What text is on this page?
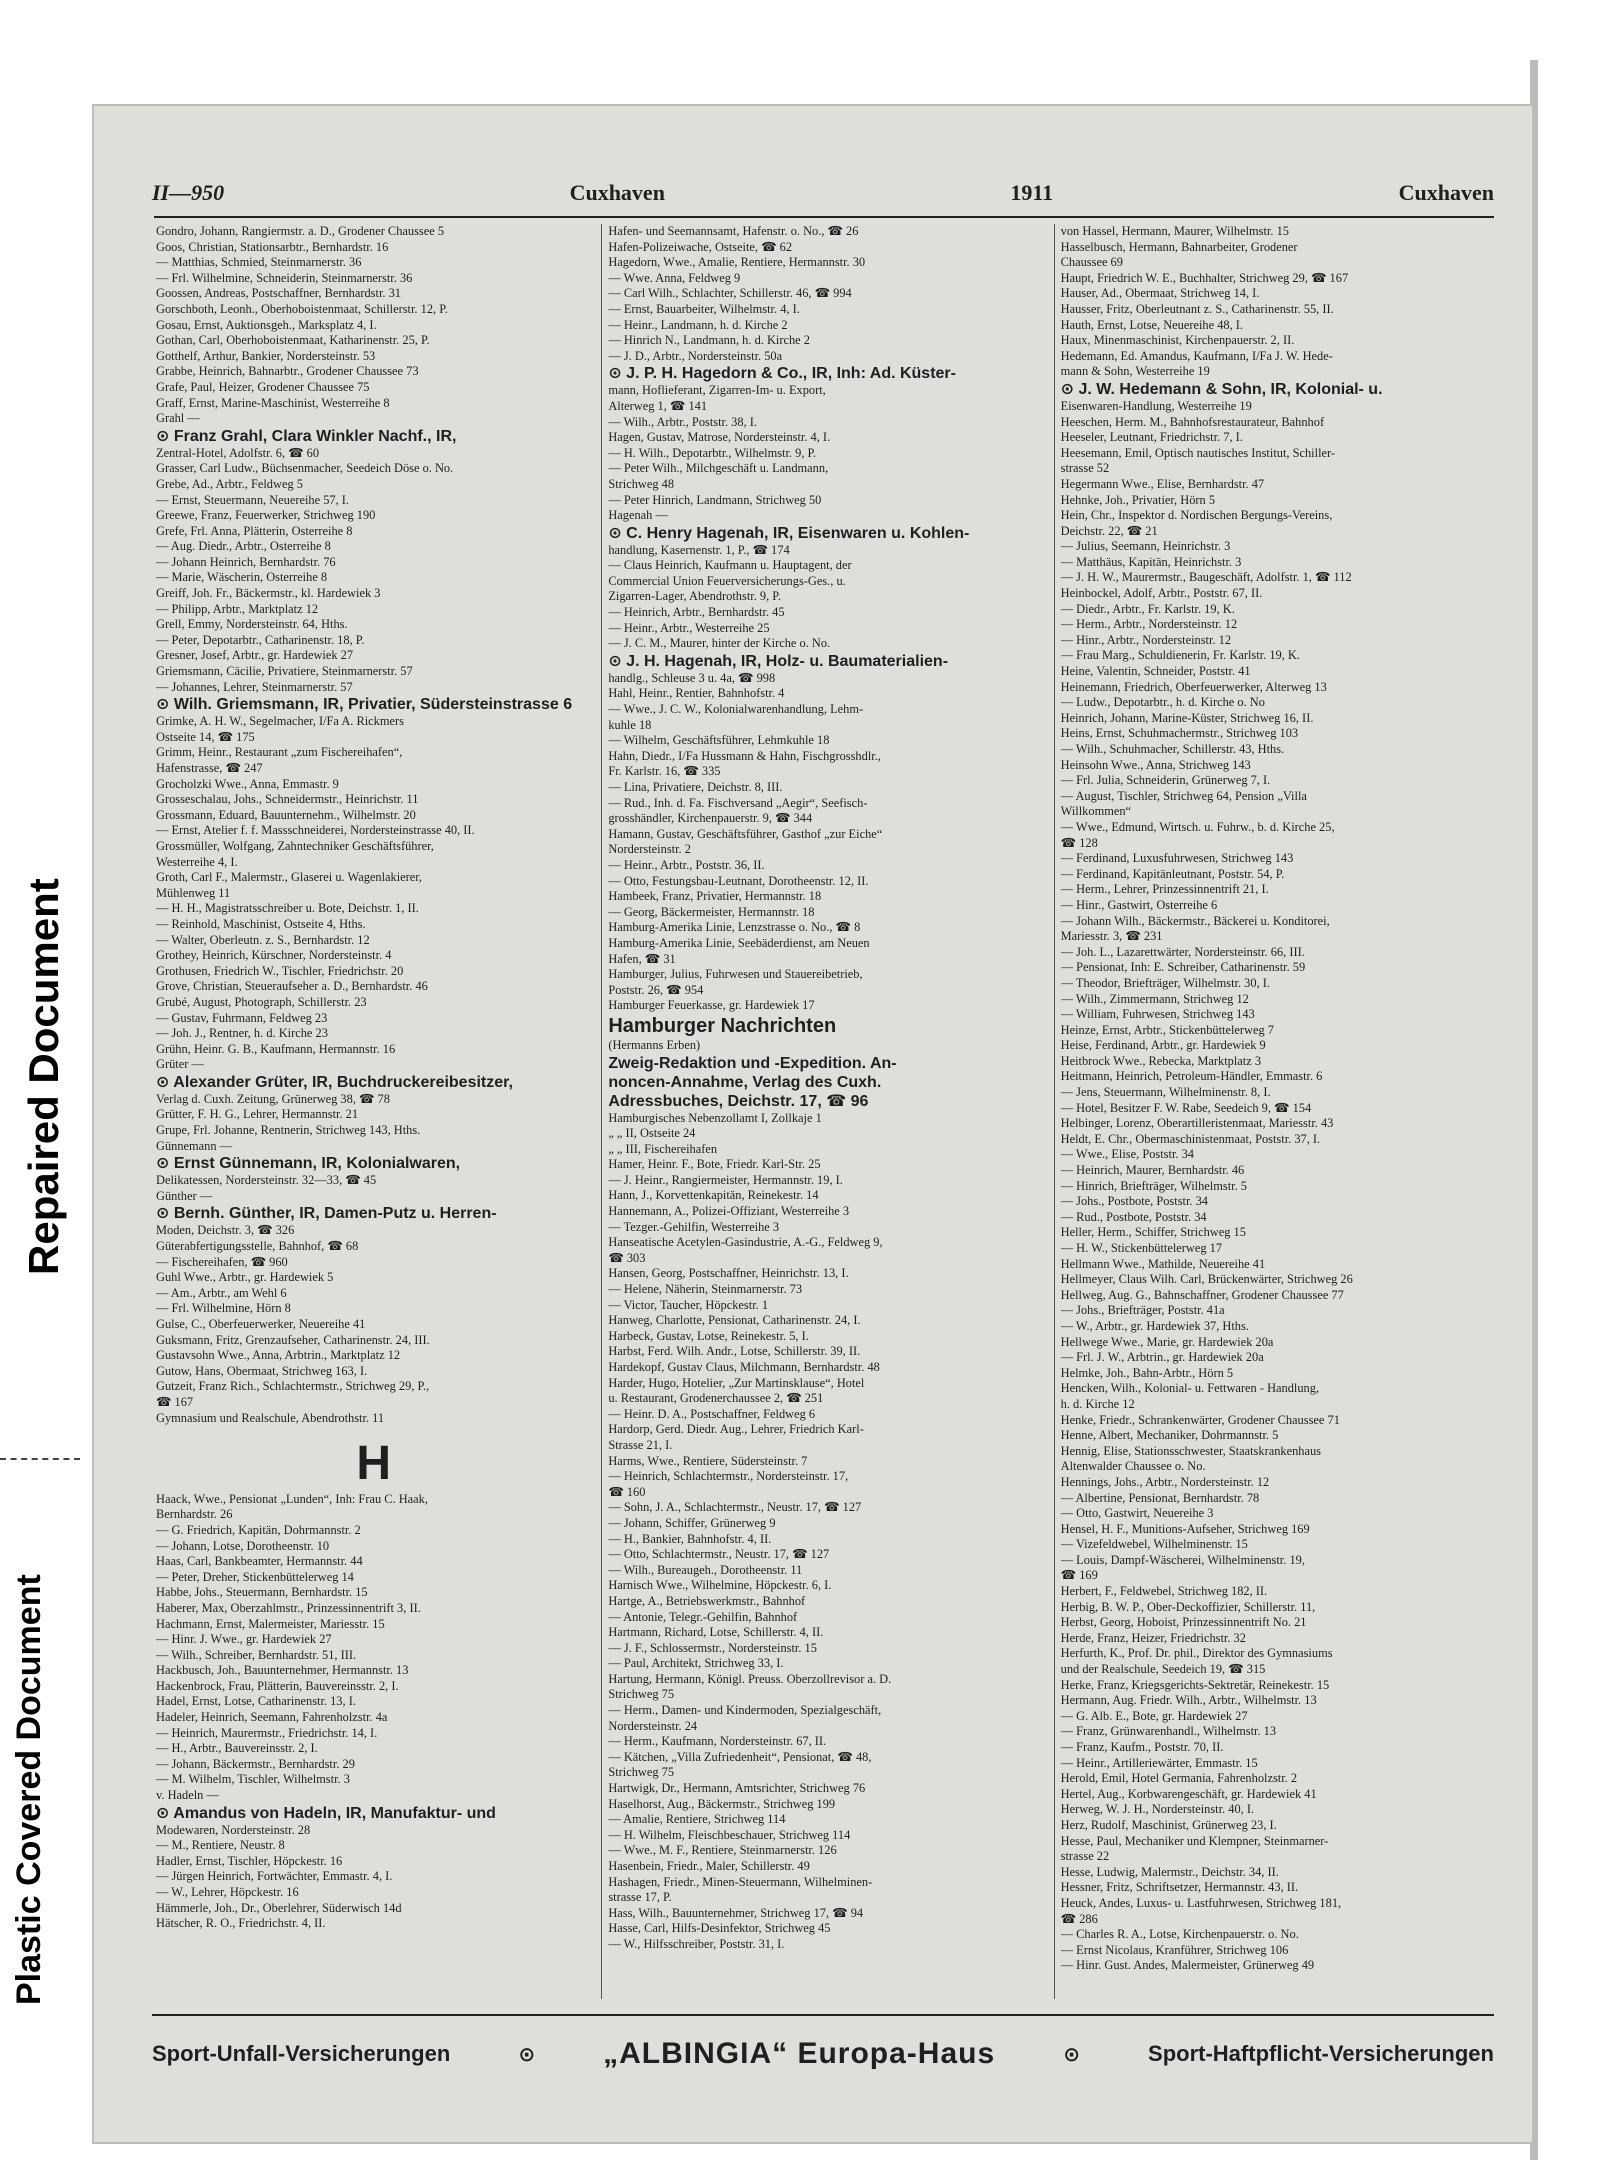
Plastic Covered Document
Repaired Document
II—950	Cuxhaven	1911	Cuxhaven
Gondro, Johann, Rangiermstr. a. D., Grodener Chaussee 5
Goos, Christian, Stationsarbtr., Bernhardstr. 16
— Matthias, Schmied, Steinmarnerstr. 36
— Frl. Wilhelmine, Schneiderin, Steinmarnerstr. 36
Goossen, Andreas, Postschaffner, Bernhardstr. 31
Gorschboth, Leonh., Oberhoboistenmaat, Schillerstr. 12, P.
Gosau, Ernst, Auktionsgeh., Marksplatz 4, I.
Gothan, Carl, Oberhoboistenmaat, Katharinenstr. 25, P.
Gotthelf, Arthur, Bankier, Nordersteinstr. 53
Grabbe, Heinrich, Bahnarbtr., Grodener Chaussee 73
Grafe, Paul, Heizer, Grodener Chaussee 75
Graff, Ernst, Marine-Maschinist, Westerreihe 8
Grahl —
⊙ Franz Grahl, Clara Winkler Nachf., IR,
Zentral-Hotel, Adolfstr. 6, ☎ 60
Grasser, Carl Ludw., Büchsenmacher, Seedeich Döse o. No.
Grebe, Ad., Arbtr., Feldweg 5
— Ernst, Steuermann, Neuereihe 57, I.
Greewe, Franz, Feuerwerker, Strichweg 190
Grefe, Frl. Anna, Plätterin, Osterreihe 8
— Aug. Diedr., Arbtr., Osterreihe 8
— Johann Heinrich, Bernhardstr. 76
— Marie, Wäscherin, Osterreihe 8
Greiff, Joh. Fr., Bäckermstr., kl. Hardewiek 3
— Philipp, Arbtr., Marktplatz 12
Grell, Emmy, Nordersteinstr. 64, Hths.
— Peter, Depotarbtr., Catharinenstr. 18, P.
Gresner, Josef, Arbtr., gr. Hardewiek 27
Griemsmann, Cäcilie, Privatiere, Steinmarnerstr. 57
— Johannes, Lehrer, Steinmarnerstr. 57
⊙ Wilh. Griemsmann, IR, Privatier, Südersteinstrasse 6
Grimke, A. H. W., Segelmacher, I/Fa A. Rickmers
Ostseite 14, ☎ 175
Grimm, Heinr., Restaurant „zum Fischereihafen“,
Hafenstrasse, ☎ 247
Grocholzki Wwe., Anna, Emmastr. 9
Grosseschalau, Johs., Schneidermstr., Heinrichstr. 11
Grossmann, Eduard, Bauunternehm., Wilhelmstr. 20
— Ernst, Atelier f. f. Massschneiderei, Nordersteinstrasse 40, II.
Grossmüller, Wolfgang, Zahntechniker Geschäftsführer,
Westerreihe 4, I.
Groth, Carl F., Malermstr., Glaserei u. Wagenlakierer,
Mühlenweg 11
— H. H., Magistratsschreiber u. Bote, Deichstr. 1, II.
— Reinhold, Maschinist, Ostseite 4, Hths.
— Walter, Oberleutn. z. S., Bernhardstr. 12
Grothey, Heinrich, Kürschner, Nordersteinstr. 4
Grothusen, Friedrich W., Tischler, Friedrichstr. 20
Grove, Christian, Steueraufseher a. D., Bernhardstr. 46
Grubé, August, Photograph, Schillerstr. 23
— Gustav, Fuhrmann, Feldweg 23
— Joh. J., Rentner, h. d. Kirche 23
Grühn, Heinr. G. B., Kaufmann, Hermannstr. 16
Grüter —
⊙ Alexander Grüter, IR, Buchdruckereibesitzer,
Verlag d. Cuxh. Zeitung, Grünerweg 38, ☎ 78
Grütter, F. H. G., Lehrer, Hermannstr. 21
Grupe, Frl. Johanne, Rentnerin, Strichweg 143, Hths.
Günnemann —
⊙ Ernst Günnemann, IR, Kolonialwaren,
Delikatessen, Nordersteinstr. 32—33, ☎ 45
Günther —
⊙ Bernh. Günther, IR, Damen-Putz u. Herren-
Moden, Deichstr. 3, ☎ 326
Güterabfertigungsstelle, Bahnhof, ☎ 68
— Fischereihafen, ☎ 960
Guhl Wwe., Arbtr., gr. Hardewiek 5
— Am., Arbtr., am Wehl 6
— Frl. Wilhelmine, Hörn 8
Gulse, C., Oberfeuerwerker, Neuereihe 41
Guksmann, Fritz, Grenzaufseher, Catharinenstr. 24, III.
Gustavsohn Wwe., Anna, Arbtrin., Marktplatz 12
Gutow, Hans, Obermaat, Strichweg 163, I.
Gutzeit, Franz Rich., Schlachtermstr., Strichweg 29, P.,
☎ 167
Gymnasium und Realschule, Abendrothstr. 11
H
Haack, Wwe., Pensionat „Lunden“, Inh: Frau C. Haak,
Bernhardstr. 26
— G. Friedrich, Kapitän, Dohrmannstr. 2
— Johann, Lotse, Dorotheenstr. 10
Haas, Carl, Bankbeamter, Hermannstr. 44
— Peter, Dreher, Stickenbüttelerweg 14
Habbe, Johs., Steuermann, Bernhardstr. 15
Haberer, Max, Oberzahlmstr., Prinzessinnentrift 3, II.
Hachmann, Ernst, Malermeister, Mariesstr. 15
— Hinr. J. Wwe., gr. Hardewiek 27
— Wilh., Schreiber, Bernhardstr. 51, III.
Hackbusch, Joh., Bauunternehmer, Hermannstr. 13
Hackenbrock, Frau, Plätterin, Bauvereinsstr. 2, I.
Hadel, Ernst, Lotse, Catharinenstr. 13, I.
Hadeler, Heinrich, Seemann, Fahrenholzstr. 4a
— Heinrich, Maurermstr., Friedrichstr. 14, I.
— H., Arbtr., Bauvereinsstr. 2, I.
— Johann, Bäckermstr., Bernhardstr. 29
— M. Wilhelm, Tischler, Wilhelmstr. 3
v. Hadeln —
⊙ Amandus von Hadeln, IR, Manufaktur- und
Modewaren, Nordersteinstr. 28
— M., Rentiere, Neustr. 8
Hadler, Ernst, Tischler, Höpckestr. 16
— Jürgen Heinrich, Fortwächter, Emmastr. 4, I.
— W., Lehrer, Höpckestr. 16
Hämmerle, Joh., Dr., Oberlehrer, Süderwisch 14d
Hätscher, R. O., Friedrichstr. 4, II.
Hafen- und Seemannsamt, Hafenstr. o. No., ☎ 26
Hafen-Polizeiwache, Ostseite, ☎ 62
Hagedorn, Wwe., Amalie, Rentiere, Hermannstr. 30
— Wwe. Anna, Feldweg 9
— Carl Wilh., Schlachter, Schillerstr. 46, ☎ 994
— Ernst, Bauarbeiter, Wilhelmstr. 4, I.
— Heinr., Landmann, h. d. Kirche 2
— Hinrich N., Landmann, h. d. Kirche 2
— J. D., Arbtr., Nordersteinstr. 50a
⊙ J. P. H. Hagedorn & Co., IR, Inh: Ad. Küster-
mann, Hoflieferant, Zigarren-Im- u. Export,
Alterweg 1, ☎ 141
— Wilh., Arbtr., Poststr. 38, I.
Hagen, Gustav, Matrose, Nordersteinstr. 4, I.
— H. Wilh., Depotarbtr., Wilhelmstr. 9, P.
— Peter Wilh., Milchgeschäft u. Landmann,
Strichweg 48
— Peter Hinrich, Landmann, Strichweg 50
Hagenah —
⊙ C. Henry Hagenah, IR, Eisenwaren u. Kohlen-
handlung, Kasernenstr. 1, P., ☎ 174
— Claus Heinrich, Kaufmann u. Hauptagent, der
Commercial Union Feuerversicherungs-Ges., u.
Zigarren-Lager, Abendrothstr. 9, P.
— Heinrich, Arbtr., Bernhardstr. 45
— Heinr., Arbtr., Westerreihe 25
— J. C. M., Maurer, hinter der Kirche o. No.
⊙ J. H. Hagenah, IR, Holz- u. Baumaterialien-
handlg., Schleuse 3 u. 4a, ☎ 998
Hahl, Heinr., Rentier, Bahnhofstr. 4
— Wwe., J. C. W., Kolonialwarenhandlung, Lehm-
kuhle 18
— Wilhelm, Geschäftsführer, Lehmkuhle 18
Hahn, Diedr., I/Fa Hussmann & Hahn, Fischgrosshdlr.,
Fr. Karlstr. 16, ☎ 335
— Lina, Privatiere, Deichstr. 8, III.
— Rud., Inh. d. Fa. Fischversand „Aegir“, Seefisch-
grosshändler, Kirchenpauerstr. 9, ☎ 344
Hamann, Gustav, Geschäftsführer, Gasthof „zur Eiche“
Nordersteinstr. 2
— Heinr., Arbtr., Poststr. 36, II.
— Otto, Festungsbau-Leutnant, Dorotheenstr. 12, II.
Hambeek, Franz, Privatier, Hermannstr. 18
— Georg, Bäckermeister, Hermannstr. 18
Hamburg-Amerika Linie, Lenzstrasse o. No., ☎ 8
Hamburg-Amerika Linie, Seebäderdienst, am Neuen
Hafen, ☎ 31
Hamburger, Julius, Fuhrwesen und Stauereibetrieb,
Poststr. 26, ☎ 954
Hamburger Feuerkasse, gr. Hardewiek 17
Hamburger Nachrichten
(Hermanns Erben)
Zweig-Redaktion und -Expedition. An-
noncen-Annahme, Verlag des Cuxh.
Adressbuches, Deichstr. 17, ☎ 96
Hamburgisches Nebenzollamt I, Zollkaje 1
„ „ II, Ostseite 24
„ „ III, Fischereihafen
Hamer, Heinr. F., Bote, Friedr. Karl-Str. 25
— J. Heinr., Rangiermeister, Hermannstr. 19, I.
Hann, J., Korvettenkapitän, Reinekestr. 14
Hannemann, A., Polizei-Offiziant, Westerreihe 3
— Tezger.-Gehilfin, Westerreihe 3
Hanseatische Acetylen-Gasindustrie, A.-G., Feldweg 9,
☎ 303
Hansen, Georg, Postschaffner, Heinrichstr. 13, I.
— Helene, Näherin, Steinmarnerstr. 73
— Victor, Taucher, Höpckestr. 1
Hanweg, Charlotte, Pensionat, Catharinenstr. 24, I.
Harbeck, Gustav, Lotse, Reinekestr. 5, I.
Harbst, Ferd. Wilh. Andr., Lotse, Schillerstr. 39, II.
Hardekopf, Gustav Claus, Milchmann, Bernhardstr. 48
Harder, Hugo, Hotelier, „Zur Martinsklause“, Hotel
u. Restaurant, Grodenerchaussee 2, ☎ 251
— Heinr. D. A., Postschaffner, Feldweg 6
Hardorp, Gerd. Diedr. Aug., Lehrer, Friedrich Karl-
Strasse 21, I.
Harms, Wwe., Rentiere, Südersteinstr. 7
— Heinrich, Schlachtermstr., Nordersteinstr. 17,
☎ 160
— Sohn, J. A., Schlachtermstr., Neustr. 17, ☎ 127
— Johann, Schiffer, Grünerweg 9
— H., Bankier, Bahnhofstr. 4, II.
— Otto, Schlachtermstr., Neustr. 17, ☎ 127
— Wilh., Bureaugeh., Dorotheenstr. 11
Harnisch Wwe., Wilhelmine, Höpckestr. 6, I.
Hartge, A., Betriebswerkmstr., Bahnhof
— Antonie, Telegr.-Gehilfin, Bahnhof
Hartmann, Richard, Lotse, Schillerstr. 4, II.
— J. F., Schlossermstr., Nordersteinstr. 15
— Paul, Architekt, Strichweg 33, I.
Hartung, Hermann, Königl. Preuss. Oberzollrevisor a. D.
Strichweg 75
— Herm., Damen- und Kindermoden, Spezialgeschäft,
Nordersteinstr. 24
— Herm., Kaufmann, Nordersteinstr. 67, II.
— Kätchen, „Villa Zufriedenheit“, Pensionat, ☎ 48,
Strichweg 75
Hartwigk, Dr., Hermann, Amtsrichter, Strichweg 76
Haselhorst, Aug., Bäckermstr., Strichweg 199
— Amalie, Rentiere, Strichweg 114
— H. Wilhelm, Fleischbeschauer, Strichweg 114
— Wwe., M. F., Rentiere, Steinmarnerstr. 126
Hasenbein, Friedr., Maler, Schillerstr. 49
Hashagen, Friedr., Minen-Steuermann, Wilhelminen-
strasse 17, P.
Hass, Wilh., Bauunternehmer, Strichweg 17, ☎ 94
Hasse, Carl, Hilfs-Desinfektor, Strichweg 45
— W., Hilfsschreiber, Poststr. 31, I.
von Hassel, Hermann, Maurer, Wilhelmstr. 15
Hasselbusch, Hermann, Bahnarbeiter, Grodener
Chaussee 69
Haupt, Friedrich W. E., Buchhalter, Strichweg 29, ☎ 167
Hauser, Ad., Obermaat, Strichweg 14, I.
Hausser, Fritz, Oberleutnant z. S., Catharinenstr. 55, II.
Hauth, Ernst, Lotse, Neuereihe 48, I.
Haux, Minenmaschinist, Kirchenpauerstr. 2, II.
Hedemann, Ed. Amandus, Kaufmann, I/Fa J. W. Hede-
mann & Sohn, Westerreihe 19
⊙ J. W. Hedemann & Sohn, IR, Kolonial- u.
Eisenwaren-Handlung, Westerreihe 19
Heeschen, Herm. M., Bahnhofsrestaurateur, Bahnhof
Heeseler, Leutnant, Friedrichstr. 7, I.
Heesemann, Emil, Optisch nautisches Institut, Schiller-
strasse 52
Hegermann Wwe., Elise, Bernhardstr. 47
Hehnke, Joh., Privatier, Hörn 5
Hein, Chr., Inspektor d. Nordischen Bergungs-Vereins,
Deichstr. 22, ☎ 21
— Julius, Seemann, Heinrichstr. 3
— Matthäus, Kapitän, Heinrichstr. 3
— J. H. W., Maurermstr., Baugeschäft, Adolfstr. 1, ☎ 112
Heinbockel, Adolf, Arbtr., Poststr. 67, II.
— Diedr., Arbtr., Fr. Karlstr. 19, K.
— Herm., Arbtr., Nordersteinstr. 12
— Hinr., Arbtr., Nordersteinstr. 12
— Frau Marg., Schuldienerin, Fr. Karlstr. 19, K.
Heine, Valentin, Schneider, Poststr. 41
Heinemann, Friedrich, Oberfeuerwerker, Alterweg 13
— Ludw., Depotarbtr., h. d. Kirche o. No
Heinrich, Johann, Marine-Küster, Strichweg 16, II.
Heins, Ernst, Schuhmachermstr., Strichweg 103
— Wilh., Schuhmacher, Schillerstr. 43, Hths.
Heinsohn Wwe., Anna, Strichweg 143
— Frl. Julia, Schneiderin, Grünerweg 7, I.
— August, Tischler, Strichweg 64, Pension „Villa
Willkommen“
— Wwe., Edmund, Wirtsch. u. Fuhrw., b. d. Kirche 25,
☎ 128
— Ferdinand, Luxusfuhrwesen, Strichweg 143
— Ferdinand, Kapitänleutnant, Poststr. 54, P.
— Herm., Lehrer, Prinzessinnentrift 21, I.
— Hinr., Gastwirt, Osterreihe 6
— Johann Wilh., Bäckermstr., Bäckerei u. Konditorei,
Mariesstr. 3, ☎ 231
— Joh. L., Lazarettwärter, Nordersteinstr. 66, III.
— Pensionat, Inh: E. Schreiber, Catharinenstr. 59
— Theodor, Briefträger, Wilhelmstr. 30, I.
— Wilh., Zimmermann, Strichweg 12
— William, Fuhrwesen, Strichweg 143
Heinze, Ernst, Arbtr., Stickenbüttelerweg 7
Heise, Ferdinand, Arbtr., gr. Hardewiek 9
Heitbrock Wwe., Rebecka, Marktplatz 3
Heitmann, Heinrich, Petroleum-Händler, Emmastr. 6
— Jens, Steuermann, Wilhelminenstr. 8, I.
— Hotel, Besitzer F. W. Rabe, Seedeich 9, ☎ 154
Helbinger, Lorenz, Oberartilleristenmaat, Mariesstr. 43
Heldt, E. Chr., Obermaschinistenmaat, Poststr. 37, I.
— Wwe., Elise, Poststr. 34
— Heinrich, Maurer, Bernhardstr. 46
— Hinrich, Briefträger, Wilhelmstr. 5
— Johs., Postbote, Poststr. 34
— Rud., Postbote, Poststr. 34
Heller, Herm., Schiffer, Strichweg 15
— H. W., Stickenbüttelerweg 17
Hellmann Wwe., Mathilde, Neuereihe 41
Hellmeyer, Claus Wilh. Carl, Brückenwärter, Strichweg 26
Hellweg, Aug. G., Bahnschaffner, Grodener Chaussee 77
— Johs., Briefträger, Poststr. 41a
— W., Arbtr., gr. Hardewiek 37, Hths.
Hellwege Wwe., Marie, gr. Hardewiek 20a
— Frl. J. W., Arbtrin., gr. Hardewiek 20a
Helmke, Joh., Bahn-Arbtr., Hörn 5
Hencken, Wilh., Kolonial- u. Fettwaren - Handlung,
h. d. Kirche 12
Henke, Friedr., Schrankenwärter, Grodener Chaussee 71
Henne, Albert, Mechaniker, Dohrmannstr. 5
Hennig, Elise, Stationsschwester, Staatskrankenhaus
Altenwalder Chaussee o. No.
Hennings, Johs., Arbtr., Nordersteinstr. 12
— Albertine, Pensionat, Bernhardstr. 78
— Otto, Gastwirt, Neuereihe 3
Hensel, H. F., Munitions-Aufseher, Strichweg 169
— Vizefeldwebel, Wilhelminenstr. 15
— Louis, Dampf-Wäscherei, Wilhelminenstr. 19,
☎ 169
Herbert, F., Feldwebel, Strichweg 182, II.
Herbig, B. W. P., Ober-Deckoffizier, Schillerstr. 11,
Herbst, Georg, Hoboist, Prinzessinnentrift No. 21
Herde, Franz, Heizer, Friedrichstr. 32
Herfurth, K., Prof. Dr. phil., Direktor des Gymnasiums
und der Realschule, Seedeich 19, ☎ 315
Herke, Franz, Kriegsgerichts-Sektretär, Reinekestr. 15
Hermann, Aug. Friedr. Wilh., Arbtr., Wilhelmstr. 13
— G. Alb. E., Bote, gr. Hardewiek 27
— Franz, Grünwarenhandl., Wilhelmstr. 13
— Franz, Kaufm., Poststr. 70, II.
— Heinr., Artilleriewärter, Emmastr. 15
Herold, Emil, Hotel Germania, Fahrenholzstr. 2
Hertel, Aug., Korbwarengeschäft, gr. Hardewiek 41
Herweg, W. J. H., Nordersteinstr. 40, I.
Herz, Rudolf, Maschinist, Grünerweg 23, I.
Hesse, Paul, Mechaniker und Klempner, Steinmarner-
strasse 22
Hesse, Ludwig, Malermstr., Deichstr. 34, II.
Hessner, Fritz, Schriftsetzer, Hermannstr. 43, II.
Heuck, Andes, Luxus- u. Lastfuhrwesen, Strichweg 181,
☎ 286
— Charles R. A., Lotse, Kirchenpauerstr. o. No.
— Ernst Nicolaus, Kranführer, Strichweg 106
— Hinr. Gust. Andes, Malermeister, Grünerweg 49
Sport-Unfall-Versicherungen	⊙ „ALBINGIA“ Europa-Haus	⊙	Sport-Haftpflicht-Versicherungen
